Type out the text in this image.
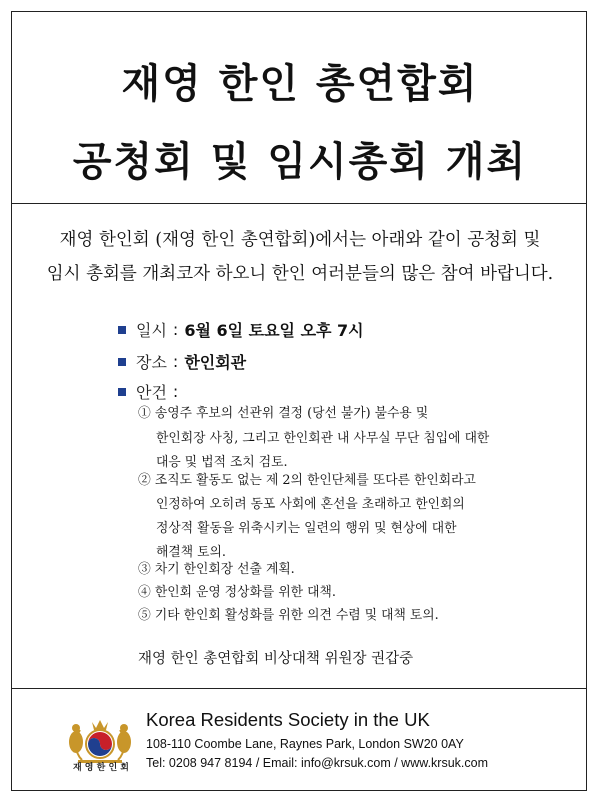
재영 한인 총연합회
공청회 및 임시총회 개최
재영 한인회 (재영 한인 총연합회)에서는 아래와 같이 공청회 및
임시 총회를 개최코자 하오니 한인 여러분들의 많은 참여 바랍니다.
일시 : 6월 6일 토요일 오후 7시
장소 : 한인회관
안건 :
① 송영주 후보의 선관위 결정 (당선 불가) 불수용 및
한인회장 사칭, 그리고 한인회관 내 사무실 무단 침입에 대한
대응 및 법적 조치 검토.
② 조직도 활동도 없는 제 2의 한인단체를 또다른 한인회라고
인정하여 오히려 동포 사회에 혼선을 초래하고 한인회의
정상적 활동을 위축시키는 일련의 행위 및 현상에 대한
해결책 토의.
③ 차기 한인회장 선출 계획.
④ 한인회 운영 정상화를 위한 대책.
⑤ 기타 한인회 활성화를 위한 의견 수렴 및 대책 토의.
재영 한인 총연합회 비상대책 위원장 권갑중
재 영 한 인 회
Korea Residents Society in the UK
108-110 Coombe Lane, Raynes Park, London SW20 0AY
Tel: 0208 947 8194 / Email: info@krsuk.com / www.krsuk.com
